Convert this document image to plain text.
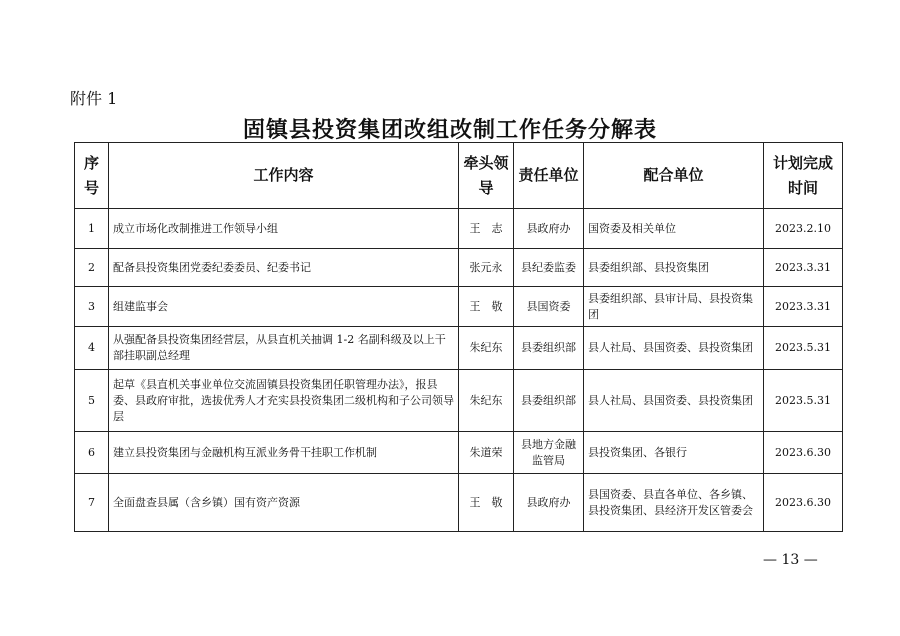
附件 1
固镇县投资集团改组改制工作任务分解表
序号	工作内容	牵头领导	责任单位	配合单位	计划完成时间
1	成立市场化改制推进工作领导小组	王　志	县政府办	国资委及相关单位	2023.2.10
2	配备县投资集团党委纪委委员、纪委书记	张元永	县纪委监委	县委组织部、县投资集团	2023.3.31
3	组建监事会	王　敬	县国资委	县委组织部、县审计局、县投资集团	2023.3.31
4	从强配备县投资集团经营层，从县直机关抽调 1-2 名副科级及以上干部挂职副总经理	朱纪东	县委组织部	县人社局、县国资委、县投资集团	2023.5.31
5	起草《县直机关事业单位交流固镇县投资集团任职管理办法》，报县委、县政府审批，选拔优秀人才充实县投资集团二级机构和子公司领导层	朱纪东	县委组织部	县人社局、县国资委、县投资集团	2023.5.31
6	建立县投资集团与金融机构互派业务骨干挂职工作机制	朱道荣	县地方金融监管局	县投资集团、各银行	2023.6.30
7	全面盘查县属（含乡镇）国有资产资源	王　敬	县政府办	县国资委、县直各单位、各乡镇、县投资集团、县经济开发区管委会	2023.6.30
— 13 —
